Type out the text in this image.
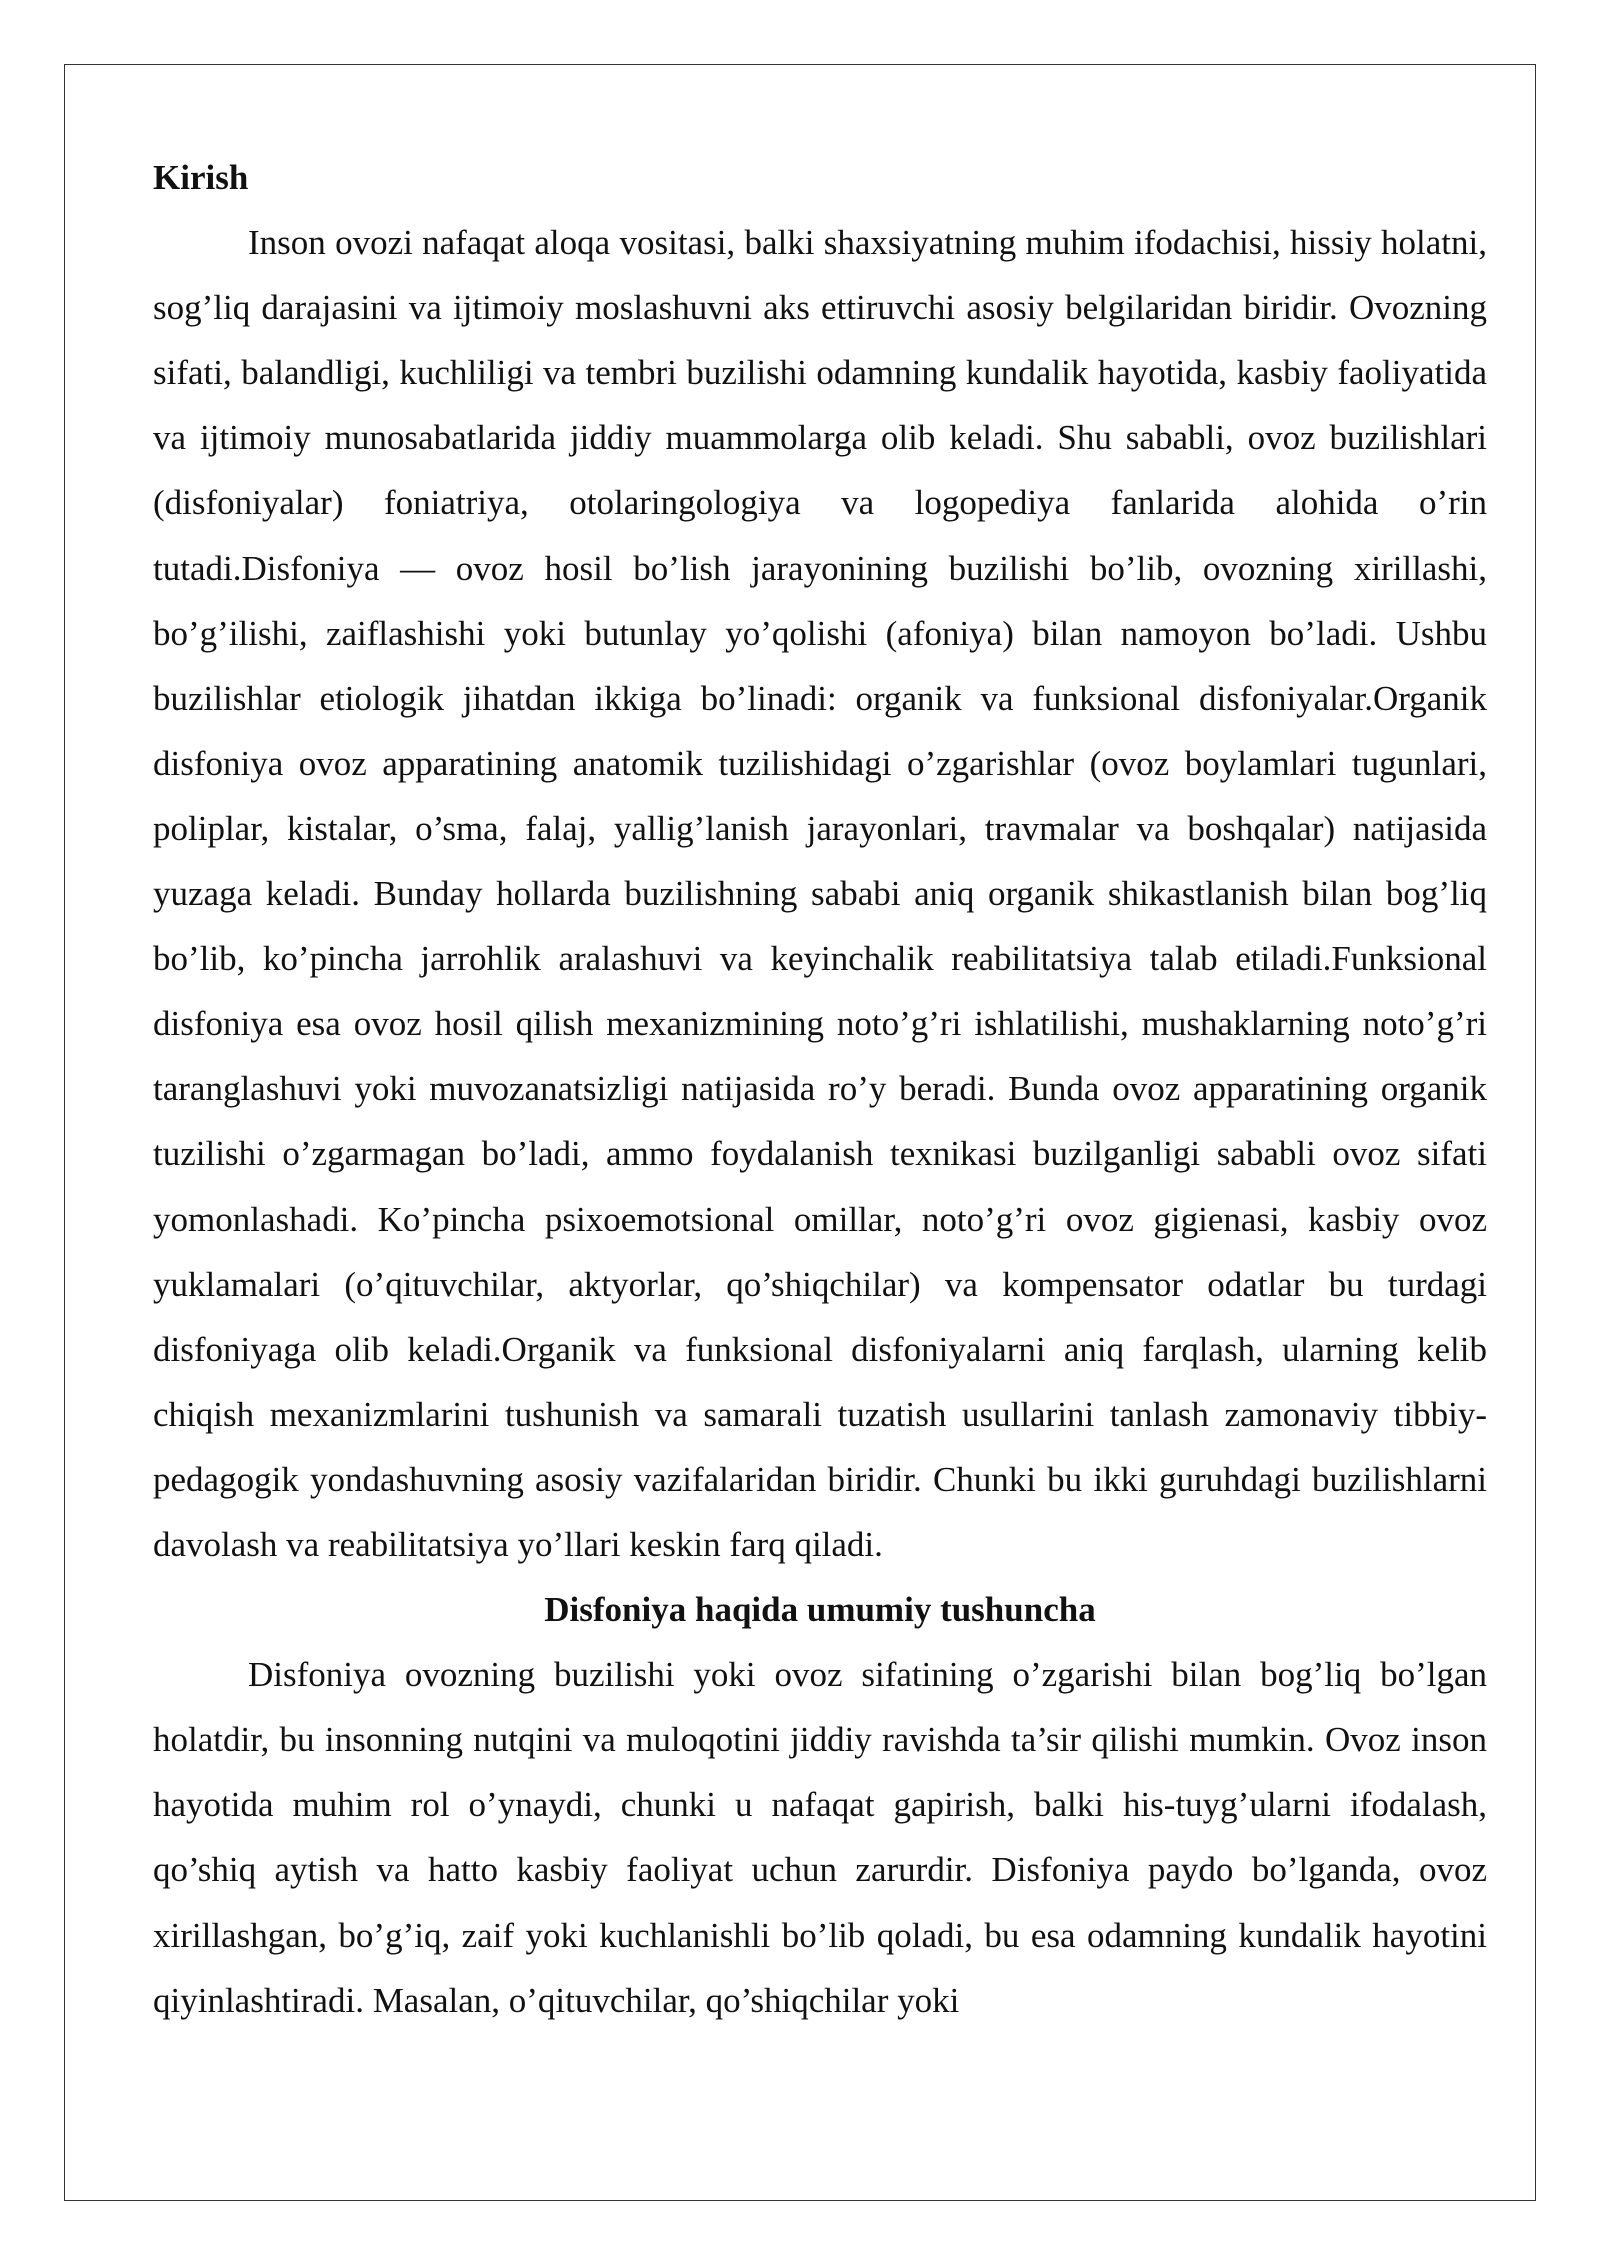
Kirish

Inson ovozi nafaqat aloqa vositasi, balki shaxsiyatning muhim ifodachisi, hissiy holatni, sog’liq darajasini va ijtimoiy moslashuvni aks ettiruvchi asosiy belgilaridan biridir. Ovozning sifati, balandligi, kuchliligi va tembri buzilishi odamning kundalik hayotida, kasbiy faoliyatida va ijtimoiy munosabatlarida jiddiy muammolarga olib keladi. Shu sababli, ovoz buzilishlari (disfoniyalar) foniatriya, otolaringologiya va logopediya fanlarida alohida o’rin tutadi.Disfoniya — ovoz hosil bo’lish jarayonining buzilishi bo’lib, ovozning xirillashi, bo’g’ilishi, zaiflashishi yoki butunlay yo’qolishi (afoniya) bilan namoyon bo’ladi. Ushbu buzilishlar etiologik jihatdan ikkiga bo’linadi: organik va funksional disfoniyalar.Organik disfoniya ovoz apparatining anatomik tuzilishidagi o’zgarishlar (ovoz boylamlari tugunlari, poliplar, kistalar, o’sma, falaj, yallig’lanish jarayonlari, travmalar va boshqalar) natijasida yuzaga keladi. Bunday hollarda buzilishning sababi aniq organik shikastlanish bilan bog’liq bo’lib, ko’pincha jarrohlik aralashuvi va keyinchalik reabilitatsiya talab etiladi.Funksional disfoniya esa ovoz hosil qilish mexanizmining noto’g’ri ishlatilishi, mushaklarning noto’g’ri taranglashuvi yoki muvozanatsizligi natijasida ro’y beradi. Bunda ovoz apparatining organik tuzilishi o’zgarmagan bo’ladi, ammo foydalanish texnikasi buzilganligi sababli ovoz sifati yomonlashadi. Ko’pincha psixoemotsional omillar, noto’g’ri ovoz gigienasi, kasbiy ovoz yuklamalari (o’qituvchilar, aktyorlar, qo’shiqchilar) va kompensator odatlar bu turdagi disfoniyaga olib keladi.Organik va funksional disfoniyalarni aniq farqlash, ularning kelib chiqish mexanizmlarini tushunish va samarali tuzatish usullarini tanlash zamonaviy tibbiy-pedagogik yondashuvning asosiy vazifalaridan biridir. Chunki bu ikki guruhdagi buzilishlarni davolash va reabilitatsiya yo’llari keskin farq qiladi.

Disfoniya haqida umumiy tushuncha

Disfoniya ovozning buzilishi yoki ovoz sifatining o’zgarishi bilan bog’liq bo’lgan holatdir, bu insonning nutqini va muloqotini jiddiy ravishda ta’sir qilishi mumkin. Ovoz inson hayotida muhim rol o’ynaydi, chunki u nafaqat gapirish, balki his-tuyg’ularni ifodalash, qo’shiq aytish va hatto kasbiy faoliyat uchun zarurdir. Disfoniya paydo bo’lganda, ovoz xirillashgan, bo’g’iq, zaif yoki kuchlanishli bo’lib qoladi, bu esa odamning kundalik hayotini qiyinlashtiradi. Masalan, o’qituvchilar, qo’shiqchilar yoki
